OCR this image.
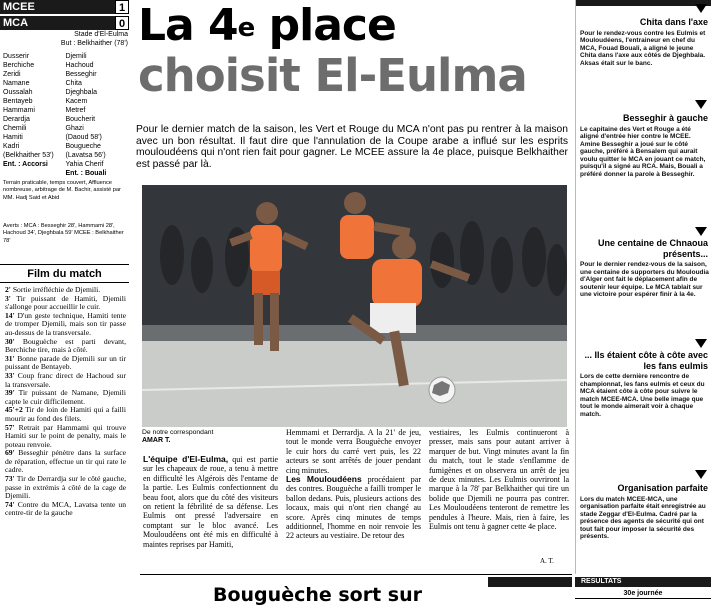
MCEE	1
MCA	0
Stade d'El-Eulma
But : Belkhaither (78')
Dusserir
Berchiche
Zeridi
Namane
Oussalah
Bentayeb
Hammami
Derardja
Chemili
Hamiti
Kadri
(Belkhaither 53')
Ent. : Accorsi
Djemili
Hachoud
Besseghir
Chita
Djeghbala
Kacem
Metref
Boucherit
Ghazi
(Daoud 58')
Bougueche
(Lavatsa 56')
Yahia Cherif
Ent. : Bouali
Terrain praticable, temps couvert, Affluence nombreuse, arbitrage de M. Bachir, assisté par MM. Hadj Said et Abid
Averts : MCA : Besseghir 28', Hammami 28', Hachoud 34', Djeghbala 59' MCEE : Belkhaither 78'
Film du match

2' Sortie irréfléchie de Djemili.

3' Tir puissant de Hamiti, Djemili s'allonge pour accueillir le cuir.

14' D'un geste technique, Hamiti tente de tromper Djemili, mais son tir passe au-dessus de la transversale.

30' Bouguèche est parti devant, Berchiche tire, mais à côté.

31' Bonne parade de Djemili sur un tir puissant de Bentayeb.

33' Coup franc direct de Hachoud sur la transversale.

39' Tir puissant de Namane, Djemili capte le cuir difficilement.

45'+2 Tir de loin de Hamiti qui a failli mourir au fond des filets.

57' Retrait par Hammami qui trouve Hamiti sur le point de penalty, mais le poteau renvoie.

69' Besseghir pénètre dans la surface de réparation, effectue un tir qui rate le cadre.

73' Tir de Derrardja sur le côté gauche, passe in extrémis à côté de la cage de Djemili.

74' Contre du MCA, Lavatsa tente un centre-tir de la gauche

La 4e place
choisit El-Eulma
Pour le dernier match de la saison, les Vert et Rouge du MCA n'ont pas pu rentrer à la maison avec un bon résultat. Il faut dire que l'annulation de la Coupe arabe a influé sur les esprits mouloudéens qui n'ont rien fait pour gagner. Le MCEE assure la 4e place, puisque Belkhaither est passé par là.
De notre correspondant
AMAR T.
L'équipe d'El-Eulma, qui est partie sur les chapeaux de roue, a tenu à mettre en difficulté les Algérois dès l'entame de la partie. Les Eulmis confectionnent du beau foot, alors que du côté des visiteurs on retient la fébrilité de sa défense. Les Eulmis ont pressé l'adversaire en comptant sur le bloc avancé. Les Mouloudéens ont été mis en difficulté à maintes reprises par Hamiti,
Hemmami et Derrardja. A la 21' de jeu, tout le monde verra Bouguèche envoyer le cuir hors du carré vert puis, les 22 acteurs se sont arrêtés de jouer pendant cinq minutes.
Les Mouloudéens procédaient par des contres. Bouguèche a failli tromper le ballon dedans. Puis, plusieurs actions des locaux, mais qui n'ont rien changé au score. Après cinq minutes de temps additionnel, l'homme en noir renvoie les 22 acteurs au vestiaire. De retour des
vestiaires, les Eulmis continueront à presser, mais sans pour autant arriver à marquer de but. Vingt minutes avant la fin du match, tout le stade s'enflamme de fumigènes et on observera un arrêt de jeu de deux minutes. Les Eulmis ouvriront la marque à la 78' par Belkhaither qui tire un bolide que Djemili ne pourra pas contrer. Les Mouloudéens tenteront de remettre les pendules à l'heure. Mais, rien à faire, les Eulmis ont tenu à gagner cette 4e place.
A. T.
Bouguèche sort sur
RESULTATS
30e journée
Chita dans l'axe
Pour le rendez-vous contre les Eulmis et Mouloudéens, l'entraineur en chef du MCA, Fouad Bouali, a aligné le jeune Chita dans l'axe aux côtés de Djeghbala. Aksas était sur le banc.
Besseghir à gauche
Le capitaine des Vert et Rouge a été aligné d'entrée hier contre le MCEE. Amine Besseghir a joué sur le côté gauche, préféré à Bensalem qui aurait voulu quitter le MCA en jouant ce match, puisqu'il a signé au RCA. Mais, Bouali a préféré donner la parole à Besseghir.
Une centaine de Chnaoua présents...
Pour le dernier rendez-vous de la saison, une centaine de supporters du Mouloudia d'Alger ont fait le déplacement afin de soutenir leur équipe. Le MCA tablait sur une victoire pour espérer finir à la 4e.
... Ils étaient côte à côte avec les fans eulmis
Lors de cette dernière rencontre de championnat, les fans eulmis et ceux du MCA étaient côte à côte pour suivre le match MCEE-MCA. Une belle image que tout le monde aimerait voir à chaque match.
Organisation parfaite
Lors du match MCEE-MCA, une organisation parfaite était enregistrée au stade Zeggar d'El-Eulma. Cadré par la présence des agents de sécurité qui ont tout fait pour imposer la sécurité des présents.
